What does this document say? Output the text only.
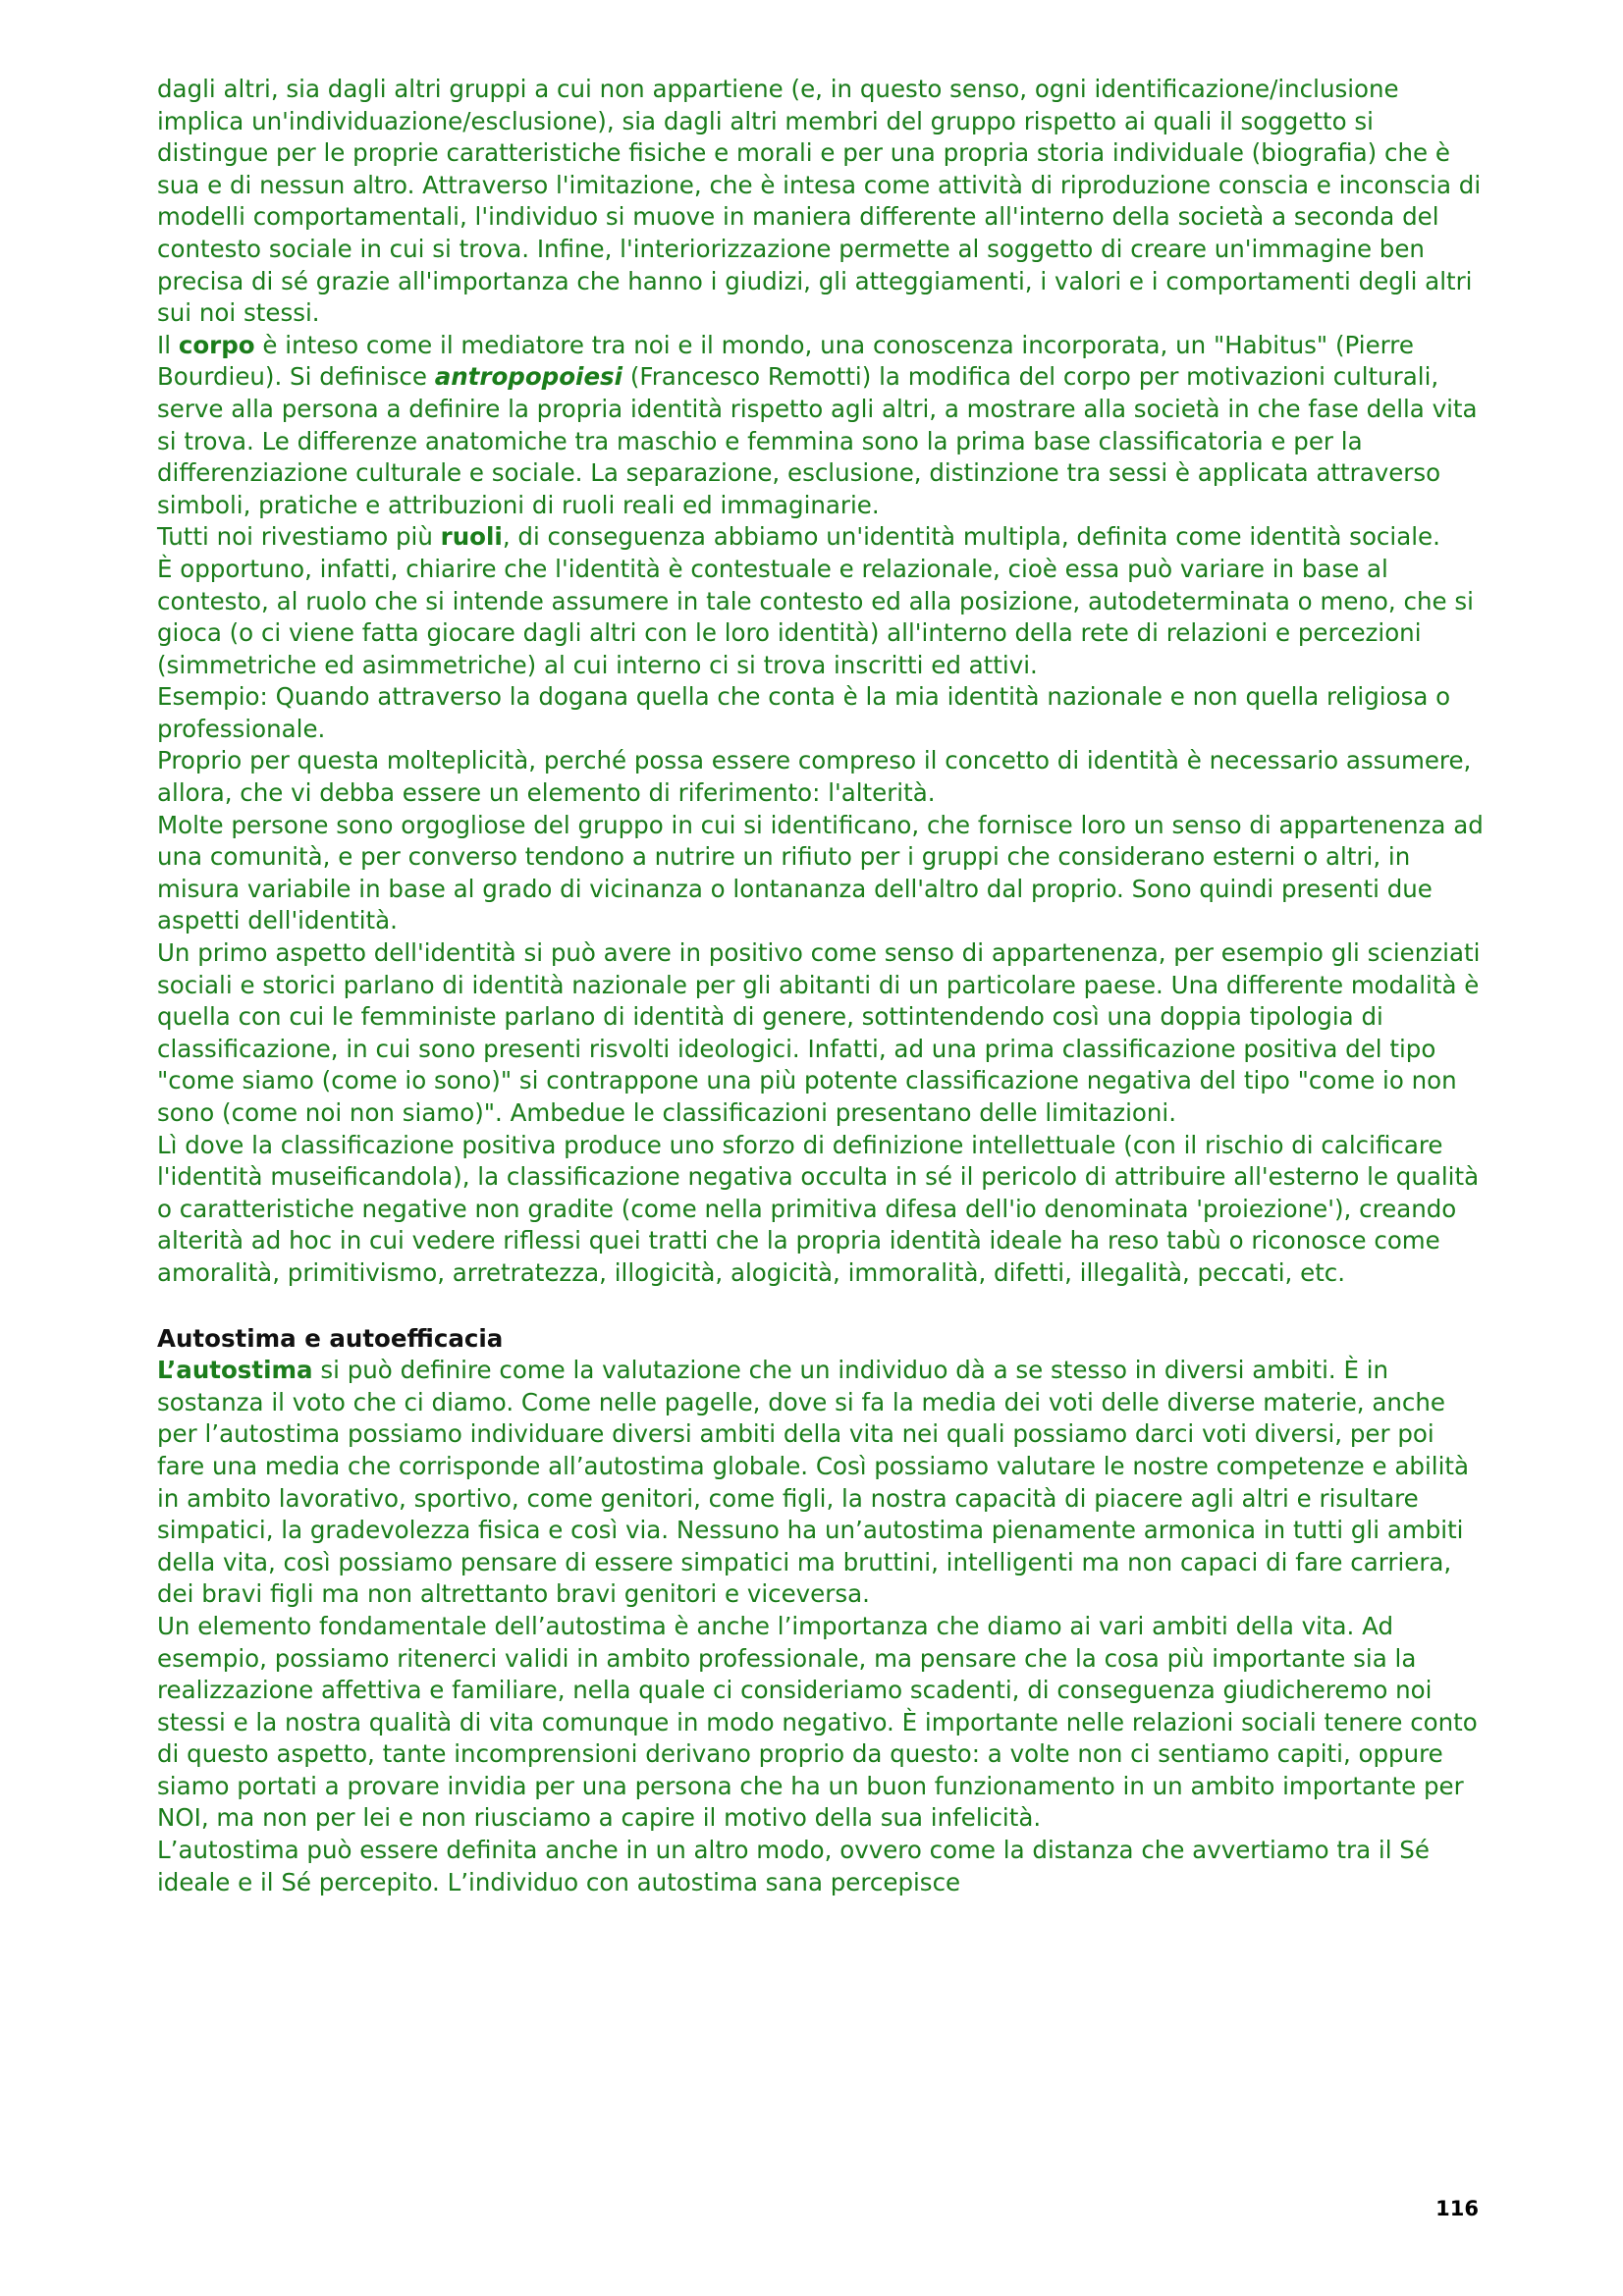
dagli altri, sia dagli altri gruppi a cui non appartiene (e, in questo senso, ogni identificazione/inclusione implica un'individuazione/esclusione), sia dagli altri membri del gruppo rispetto ai quali il soggetto si distingue per le proprie caratteristiche fisiche e morali e per una propria storia individuale (biografia) che è sua e di nessun altro. Attraverso l'imitazione, che è intesa come attività di riproduzione conscia e inconscia di modelli comportamentali, l'individuo si muove in maniera differente all'interno della società a seconda del contesto sociale in cui si trova. Infine, l'interiorizzazione permette al soggetto di creare un'immagine ben precisa di sé grazie all'importanza che hanno i giudizi, gli atteggiamenti, i valori e i comportamenti degli altri sui noi stessi.

Il corpo è inteso come il mediatore tra noi e il mondo, una conoscenza incorporata, un "Habitus" (Pierre Bourdieu). Si definisce antropopoiesi (Francesco Remotti) la modifica del corpo per motivazioni culturali, serve alla persona a definire la propria identità rispetto agli altri, a mostrare alla società in che fase della vita si trova. Le differenze anatomiche tra maschio e femmina sono la prima base classificatoria e per la differenziazione culturale e sociale. La separazione, esclusione, distinzione tra sessi è applicata attraverso simboli, pratiche e attribuzioni di ruoli reali ed immaginarie.

Tutti noi rivestiamo più ruoli, di conseguenza abbiamo un'identità multipla, definita come identità sociale.

È opportuno, infatti, chiarire che l'identità è contestuale e relazionale, cioè essa può variare in base al contesto, al ruolo che si intende assumere in tale contesto ed alla posizione, autodeterminata o meno, che si gioca (o ci viene fatta giocare dagli altri con le loro identità) all'interno della rete di relazioni e percezioni (simmetriche ed asimmetriche) al cui interno ci si trova inscritti ed attivi.

Esempio: Quando attraverso la dogana quella che conta è la mia identità nazionale e non quella religiosa o professionale.

Proprio per questa molteplicità, perché possa essere compreso il concetto di identità è necessario assumere, allora, che vi debba essere un elemento di riferimento: l'alterità.

Molte persone sono orgogliose del gruppo in cui si identificano, che fornisce loro un senso di appartenenza ad una comunità, e per converso tendono a nutrire un rifiuto per i gruppi che considerano esterni o altri, in misura variabile in base al grado di vicinanza o lontananza dell'altro dal proprio. Sono quindi presenti due aspetti dell'identità.

Un primo aspetto dell'identità si può avere in positivo come senso di appartenenza, per esempio gli scienziati sociali e storici parlano di identità nazionale per gli abitanti di un particolare paese. Una differente modalità è quella con cui le femministe parlano di identità di genere, sottintendendo così una doppia tipologia di classificazione, in cui sono presenti risvolti ideologici. Infatti, ad una prima classificazione positiva del tipo "come siamo (come io sono)" si contrappone una più potente classificazione negativa del tipo "come io non sono (come noi non siamo)". Ambedue le classificazioni presentano delle limitazioni.

Lì dove la classificazione positiva produce uno sforzo di definizione intellettuale (con il rischio di calcificare l'identità museificandola), la classificazione negativa occulta in sé il pericolo di attribuire all'esterno le qualità o caratteristiche negative non gradite (come nella primitiva difesa dell'io denominata 'proiezione'), creando alterità ad hoc in cui vedere riflessi quei tratti che la propria identità ideale ha reso tabù o riconosce come amoralità, primitivismo, arretratezza, illogicità, alogicità, immoralità, difetti, illegalità, peccati, etc.

Autostima e autoefficacia

L’autostima si può definire come la valutazione che un individuo dà a se stesso in diversi ambiti. È in sostanza il voto che ci diamo. Come nelle pagelle, dove si fa la media dei voti delle diverse materie, anche per l’autostima possiamo individuare diversi ambiti della vita nei quali possiamo darci voti diversi, per poi fare una media che corrisponde all’autostima globale. Così possiamo valutare le nostre competenze e abilità in ambito lavorativo, sportivo, come genitori, come figli, la nostra capacità di piacere agli altri e risultare simpatici, la gradevolezza fisica e così via. Nessuno ha un’autostima pienamente armonica in tutti gli ambiti della vita, così possiamo pensare di essere simpatici ma bruttini, intelligenti ma non capaci di fare carriera, dei bravi figli ma non altrettanto bravi genitori e viceversa.

Un elemento fondamentale dell’autostima è anche l’importanza che diamo ai vari ambiti della vita. Ad esempio, possiamo ritenerci validi in ambito professionale, ma pensare che la cosa più importante sia la realizzazione affettiva e familiare, nella quale ci consideriamo scadenti, di conseguenza giudicheremo noi stessi e la nostra qualità di vita comunque in modo negativo. È importante nelle relazioni sociali tenere conto di questo aspetto, tante incomprensioni derivano proprio da questo: a volte non ci sentiamo capiti, oppure siamo portati a provare invidia per una persona che ha un buon funzionamento in un ambito importante per NOI, ma non per lei e non riusciamo a capire il motivo della sua infelicità.

L’autostima può essere definita anche in un altro modo, ovvero come la distanza che avvertiamo tra il Sé ideale e il Sé percepito. L’individuo con autostima sana percepisce

116
